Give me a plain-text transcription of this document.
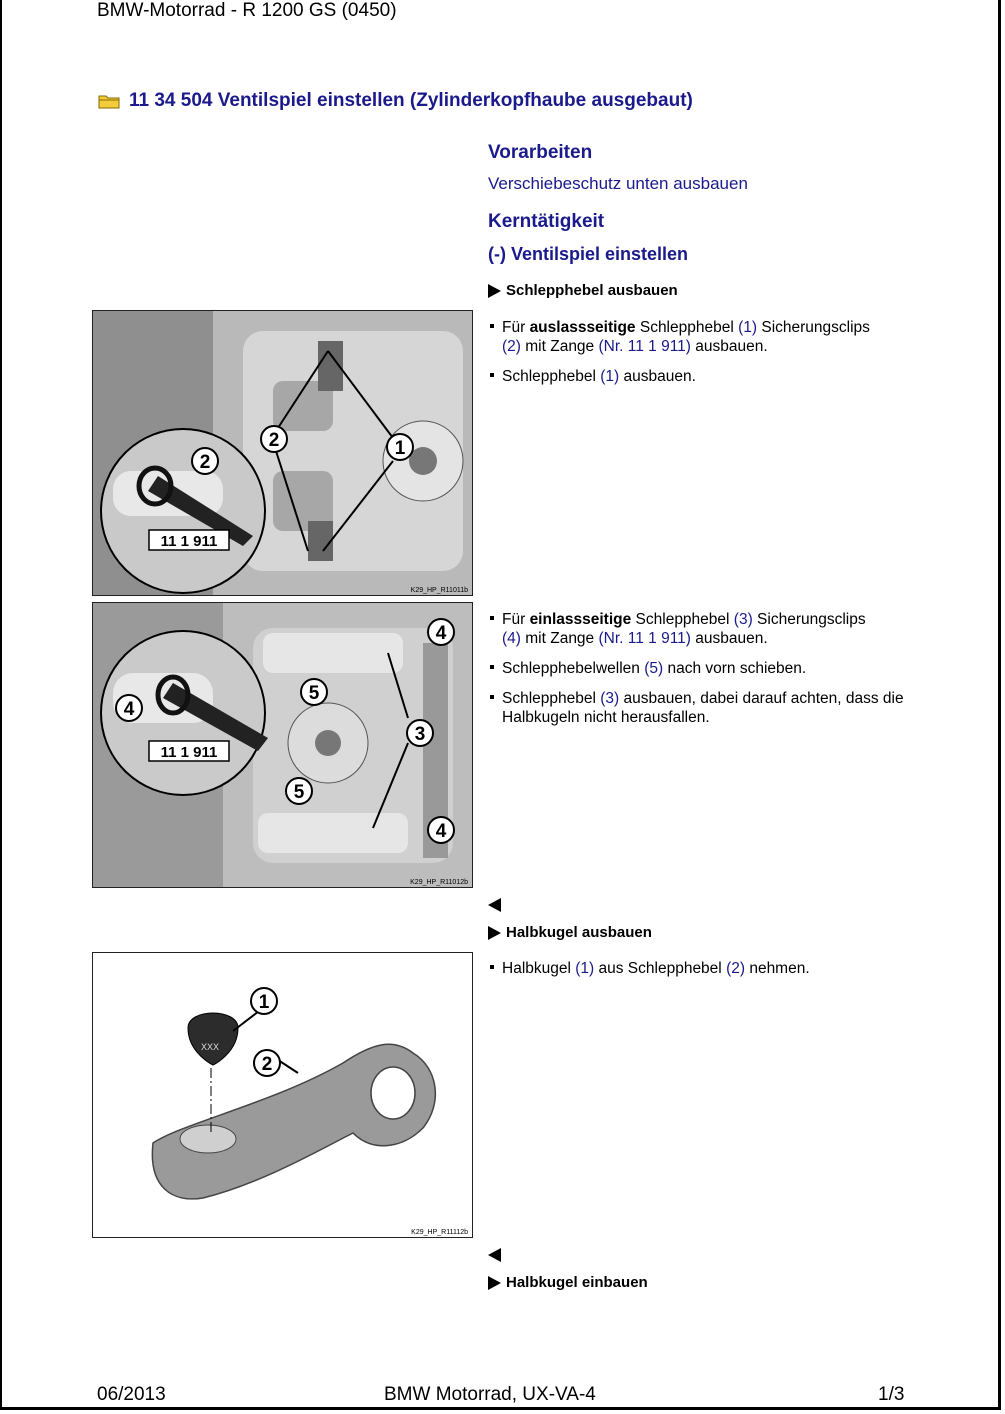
BMW-Motorrad - R 1200 GS (0450)
11 34 504 Ventilspiel einstellen (Zylinderkopfhaube ausgebaut)
Vorarbeiten
Verschiebeschutz unten ausbauen
Kerntätigkeit
(-) Ventilspiel einstellen
Schlepphebel ausbauen
Für auslassseitige Schlepphebel (1) Sicherungsclips
(2) mit Zange (Nr. 11 1 911) ausbauen.
Schlepphebel (1) ausbauen.
Für einlassseitige Schlepphebel (3) Sicherungsclips
(4) mit Zange (Nr. 11 1 911) ausbauen.
Schlepphebelwellen (5) nach vorn schieben.
Schlepphebel (3) ausbauen, dabei darauf achten, dass die Halbkugeln nicht herausfallen.
2	1
2
11 1 911
K29_HP_R11011b
4
5
3
5
4
4
11 1 911
K29_HP_R11012b
Halbkugel ausbauen
Halbkugel (1) aus Schlepphebel (2) nehmen.
XXX
1
2
K29_HP_R11112b
Halbkugel einbauen
06/2013	BMW Motorrad, UX-VA-4	1/3
